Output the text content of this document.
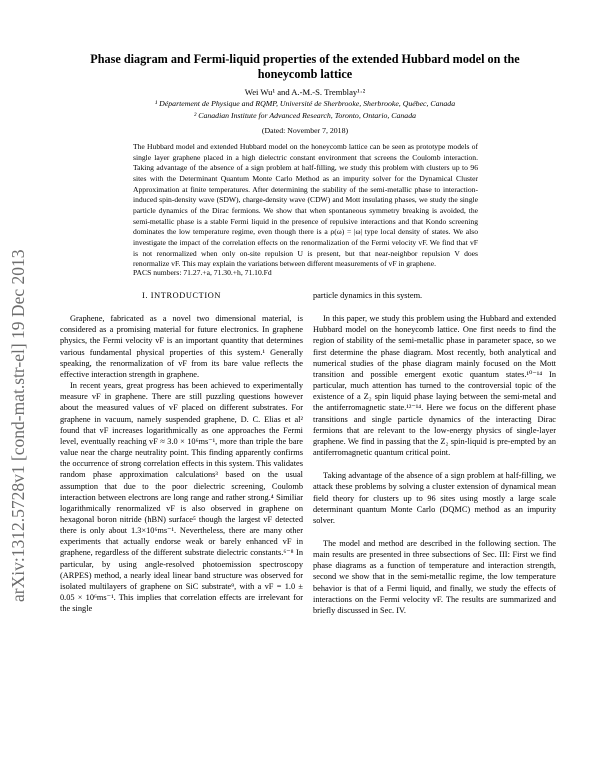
arXiv:1312.5728v1 [cond-mat.str-el] 19 Dec 2013
Phase diagram and Fermi-liquid properties of the extended Hubbard model on the honeycomb lattice
Wei Wu¹ and A.-M.-S. Tremblay¹·²
¹ Département de Physique and RQMP, Université de Sherbrooke, Sherbrooke, Québec, Canada
² Canadian Institute for Advanced Research, Toronto, Ontario, Canada
(Dated: November 7, 2018)

The Hubbard model and extended Hubbard model on the honeycomb lattice can be seen as prototype models of single layer graphene placed in a high dielectric constant environment that screens the Coulomb interaction. Taking advantage of the absence of a sign problem at half-filling, we study this problem with clusters up to 96 sites with the Determinant Quantum Monte Carlo Method as an impurity solver for the Dynamical Cluster Approximation at finite temperatures. After determining the stability of the semi-metallic phase to interaction-induced spin-density wave (SDW), charge-density wave (CDW) and Mott insulating phases, we study the single particle dynamics of the Dirac fermions. We show that when spontaneous symmetry breaking is avoided, the semi-metallic phase is a stable Fermi liquid in the presence of repulsive interactions and that Kondo screening dominates the low temperature regime, even though there is a ρ(ω) = |ω| type local density of states. We also investigate the impact of the correlation effects on the renormalization of the Fermi velocity vF. We find that vF is not renormalized when only on-site repulsion U is present, but that near-neighbor repulsion V does renormalize vF. This may explain the variations between different measurements of vF in graphene.

PACS numbers: 71.27.+a, 71.30.+h, 71.10.Fd

I. INTRODUCTION

Graphene, fabricated as a novel two dimensional material, is considered as a promising material for future electronics. In graphene physics, the Fermi velocity vF is an important quantity that determines various fundamental physical properties of this system.¹ Generally speaking, the renormalization of vF from its bare value reflects the effective interaction strength in graphene.

In recent years, great progress has been achieved to experimentally measure vF in graphene. There are still puzzling questions however about the measured values of vF placed on different substrates. For graphene in vacuum, namely suspended graphene, D. C. Elias et al² found that vF increases logarithmically as one approaches the Fermi level, eventually reaching vF ≈ 3.0 × 10⁶ms⁻¹, more than triple the bare value near the charge neutrality point. This finding apparently confirms the occurrence of strong correlation effects in this system. This validates random phase approximation calculations³ based on the usual assumption that due to the poor dielectric screening, Coulomb interaction between electrons are long range and rather strong.⁴ Similiar logarithmically renormalized vF is also observed in graphene on hexagonal boron nitride (hBN) surface⁵ though the largest vF detected there is only about 1.3×10⁶ms⁻¹. Nevertheless, there are many other experiments that actually endorse weak or barely enhanced vF in graphene, regardless of the different substrate dielectric constants.⁶⁻⁸ In particular, by using angle-resolved photoemission spectroscopy (ARPES) method, a nearly ideal linear band structure was observed for isolated multilayers of graphene on SiC substrate⁹, with a vF = 1.0 ± 0.05 × 10⁶ms⁻¹. This implies that correlation effects are irrelevant for the single

particle dynamics in this system.

In this paper, we study this problem using the Hubbard and extended Hubbard model on the honeycomb lattice. One first needs to find the region of stability of the semi-metallic phase in parameter space, so we first determine the phase diagram. Most recently, both analytical and numerical studies of the phase diagram mainly focused on the Mott transition and possible emergent exotic quantum states.¹⁰⁻¹⁴ In particular, much attention has turned to the controversial topic of the existence of a Z₂ spin liquid phase laying between the semi-metal and the antiferromagnetic state.¹²⁻¹⁴. Here we focus on the different phase transitions and single particle dynamics of the interacting Dirac fermions that are relevant to the low-energy physics of single-layer graphene. We find in passing that the Z₂ spin-liquid is pre-empted by an antiferromagnetic quantum critical point.

Taking advantage of the absence of a sign problem at half-filling, we attack these problems by solving a cluster extension of dynamical mean field theory for clusters up to 96 sites using mostly a large scale determinant quantum Monte Carlo (DQMC) method as an impurity solver.

The model and method are described in the following section. The main results are presented in three subsections of Sec. III: First we find phase diagrams as a function of temperature and interaction strength, second we show that in the semi-metallic regime, the low temperature behavior is that of a Fermi liquid, and finally, we study the effects of interactions on the Fermi velocity vF. The results are summarized and briefly discussed in Sec. IV.
